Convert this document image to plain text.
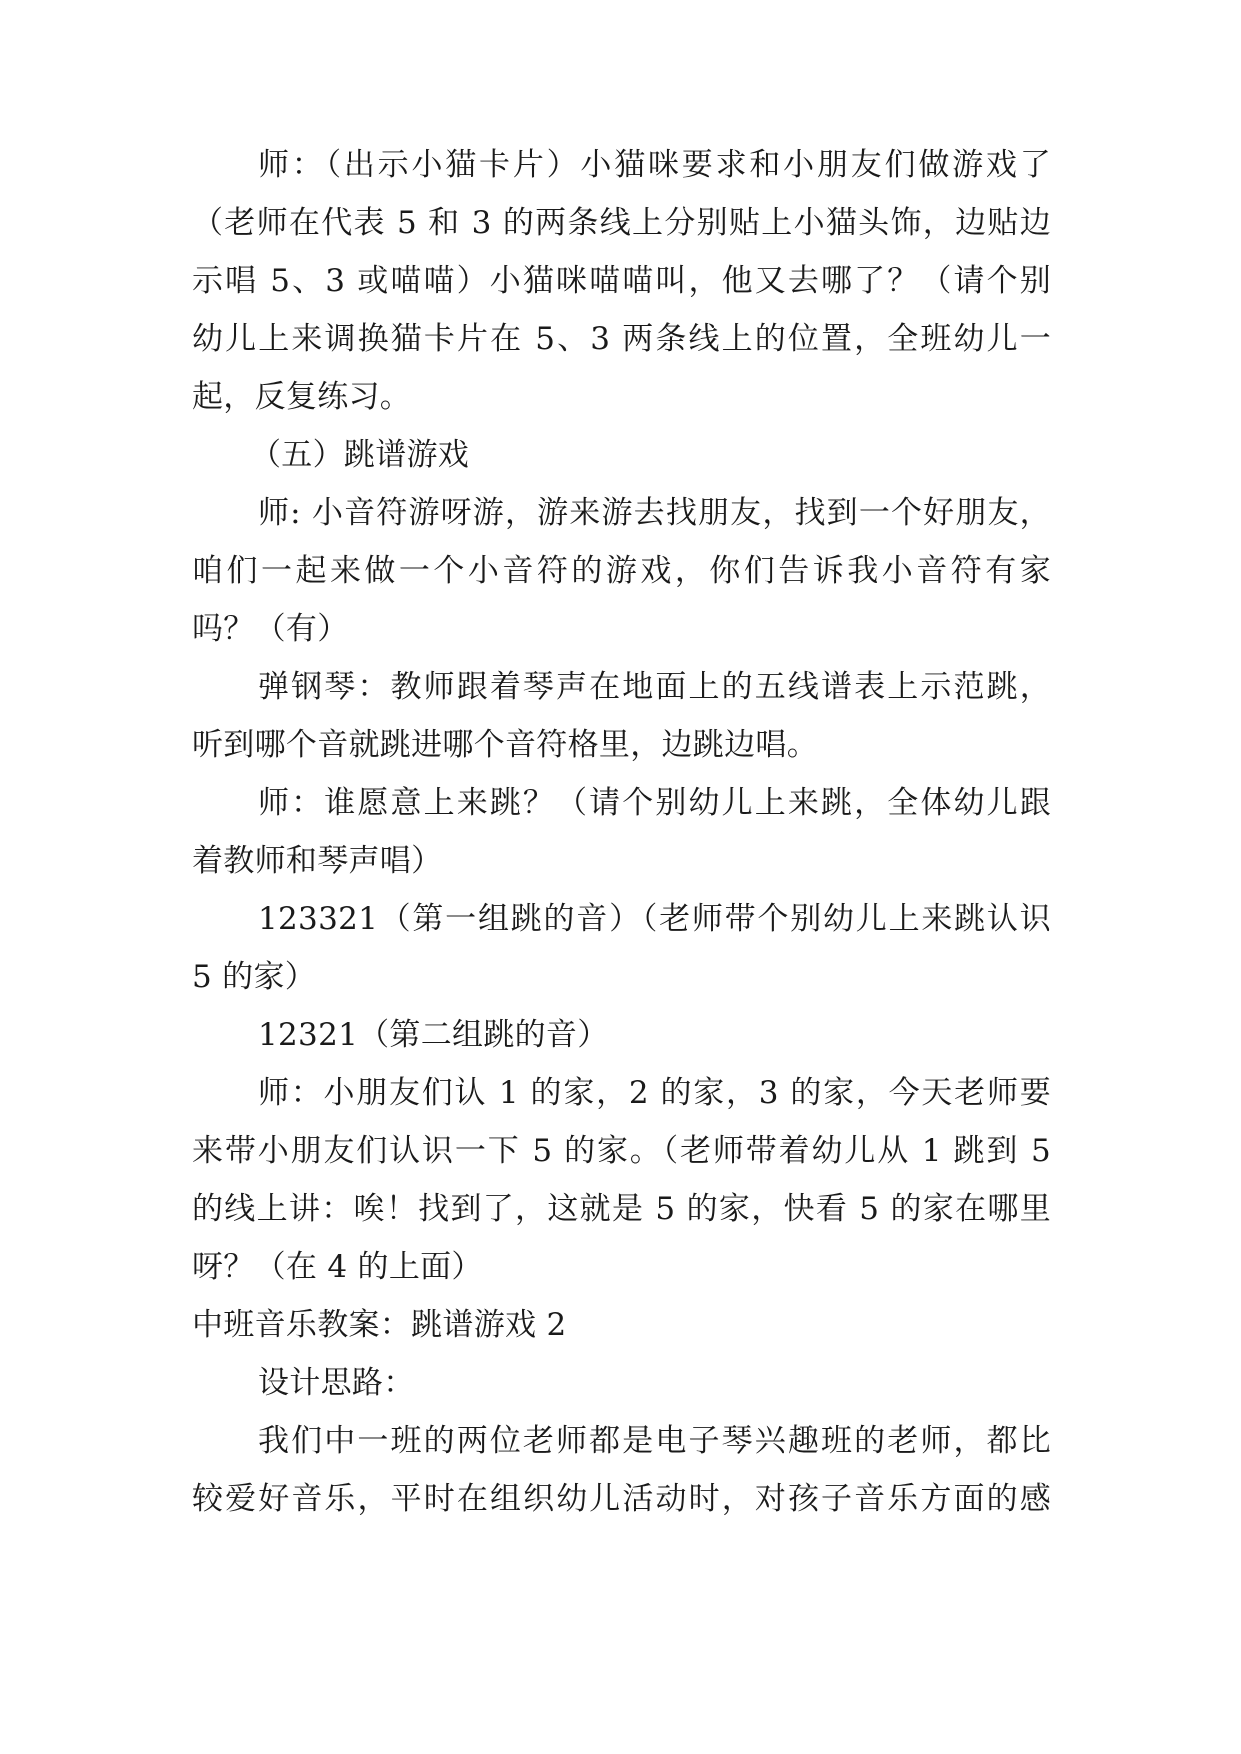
师：（出示小猫卡片）小猫咪要求和小朋友们做游戏了
（老师在代表 5 和 3 的两条线上分别贴上小猫头饰，边贴边
示唱 5、3 或喵喵）小猫咪喵喵叫，他又去哪了？（请个别
幼儿上来调换猫卡片在 5、3 两条线上的位置，全班幼儿一
起，反复练习。
（五）跳谱游戏
师: 小音符游呀游，游来游去找朋友，找到一个好朋友，
咱们一起来做一个小音符的游戏，你们告诉我小音符有家
吗？（有）
弹钢琴：教师跟着琴声在地面上的五线谱表上示范跳，
听到哪个音就跳进哪个音符格里，边跳边唱。
师：谁愿意上来跳？（请个别幼儿上来跳，全体幼儿跟
着教师和琴声唱）
123321（第一组跳的音）（老师带个别幼儿上来跳认识
5 的家）
12321（第二组跳的音）
师：小朋友们认 1 的家，2 的家，3 的家，今天老师要
来带小朋友们认识一下 5 的家。（老师带着幼儿从 1 跳到 5
的线上讲：唉！找到了，这就是 5 的家，快看 5 的家在哪里
呀？（在 4 的上面）
中班音乐教案：跳谱游戏 2
设计思路：
我们中一班的两位老师都是电子琴兴趣班的老师，都比
较爱好音乐，平时在组织幼儿活动时，对孩子音乐方面的感
